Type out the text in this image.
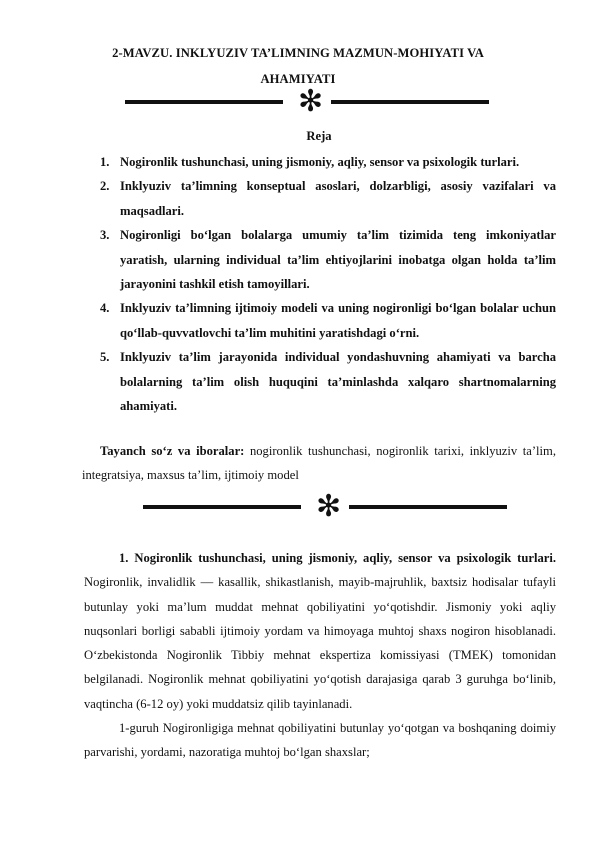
2-MAVZU. INKLYUZIV TA’LIMNING MAZMUN-MOHIYATI VA
AHAMIYATI
✻
Reja
1. Nogironlik tushunchasi, uning jismoniy, aqliy, sensor va psixologik turlari.
2. Inklyuziv ta’limning konseptual asoslari, dolzarbligi, asosiy vazifalari va maqsadlari.
3. Nogironligi bo‘lgan bolalarga umumiy ta’lim tizimida teng imkoniyatlar yaratish, ularning individual ta’lim ehtiyojlarini inobatga olgan holda ta’lim jarayonini tashkil etish tamoyillari.
4. Inklyuziv ta’limning ijtimoiy modeli va uning nogironligi bo‘lgan bolalar uchun qo‘llab-quvvatlovchi ta’lim muhitini yaratishdagi o‘rni.
5. Inklyuziv ta’lim jarayonida individual yondashuvning ahamiyati va barcha bolalarning ta’lim olish huquqini ta’minlashda xalqaro shartnomalarning ahamiyati.
Tayanch so‘z va iboralar: nogironlik tushunchasi, nogironlik tarixi, inklyuziv ta’lim, integratsiya, maxsus ta’lim, ijtimoiy model
✻

1. Nogironlik tushunchasi, uning jismoniy, aqliy, sensor va psixologik turlari. Nogironlik, invalidlik — kasallik, shikastlanish, mayib-majruhlik, baxtsiz hodisalar tufayli butunlay yoki ma’lum muddat mehnat qobiliyatini yo‘qotishdir. Jismoniy yoki aqliy nuqsonlari borligi sababli ijtimoiy yordam va himoyaga muhtoj shaxs nogiron hisoblanadi. O‘zbekistonda Nogironlik Tibbiy mehnat ekspertiza komissiyasi (TMEK) tomonidan belgilanadi. Nogironlik mehnat qobiliyatini yo‘qotish darajasiga qarab 3 guruhga bo‘linib, vaqtincha (6-12 oy) yoki muddatsiz qilib tayinlanadi.

1-guruh Nogironligiga mehnat qobiliyatini butunlay yo‘qotgan va boshqaning doimiy parvarishi, yordami, nazoratiga muhtoj bo‘lgan shaxslar;
